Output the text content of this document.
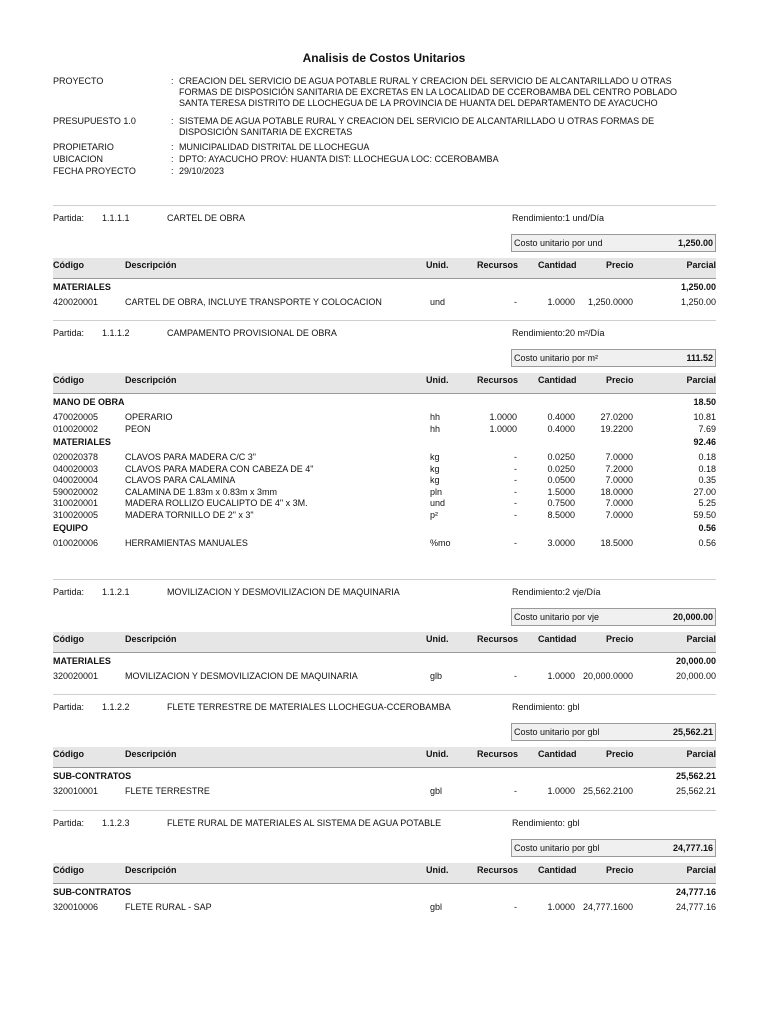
Analisis de Costos Unitarios
PROYECTO	: CREACION DEL SERVICIO DE AGUA POTABLE RURAL Y CREACION DEL SERVICIO DE ALCANTARILLADO U OTRAS
FORMAS DE DISPOSICIÓN SANITARIA DE EXCRETAS EN LA LOCALIDAD DE CCEROBAMBA DEL CENTRO POBLADO
SANTA TERESA DISTRITO DE LLOCHEGUA DE LA PROVINCIA DE HUANTA DEL DEPARTAMENTO DE AYACUCHO
PRESUPUESTO 1.0	: SISTEMA DE AGUA POTABLE RURAL Y CREACION DEL SERVICIO DE ALCANTARILLADO U OTRAS FORMAS DE
DISPOSICIÓN SANITARIA DE EXCRETAS
PROPIETARIO	: MUNICIPALIDAD DISTRITAL DE LLOCHEGUA
UBICACION	: DPTO: AYACUCHO PROV: HUANTA DIST: LLOCHEGUA LOC: CCEROBAMBA
FECHA PROYECTO	: 29/10/2023
Partida: 1.1.1.1	CARTEL DE OBRA	Rendimiento:1 und/Día
Costo unitario por und	1,250.00
Código	Descripción	Unid.	Recursos Cantidad	Precio	Parcial
MATERIALES	1,250.00
420020001	CARTEL DE OBRA, INCLUYE TRANSPORTE Y COLOCACION	und	-	1.0000 1,250.0000	1,250.00
Partida: 1.1.1.2	CAMPAMENTO PROVISIONAL DE OBRA	Rendimiento:20 m²/Día
Costo unitario por m²	111.52
Código	Descripción	Unid.	Recursos Cantidad	Precio	Parcial
MANO DE OBRA	18.50
470020005	OPERARIO	hh	1.0000	0.4000	27.0200	10.81
010020002	PEON	hh	1.0000	0.4000	19.2200	7.69
MATERIALES	92.46
020020378	CLAVOS PARA MADERA C/C 3"	kg	-	0.0250	7.0000	0.18
040020003	CLAVOS PARA MADERA CON CABEZA DE 4"	kg	-	0.0250	7.2000	0.18
040020004	CLAVOS PARA CALAMINA	kg	-	0.0500	7.0000	0.35
590020002	CALAMINA DE 1.83m x 0.83m x 3mm	pln	-	1.5000	18.0000	27.00
310020001	MADERA ROLLIZO EUCALIPTO DE 4" x 3M.	und	-	0.7500	7.0000	5.25
310020005	MADERA TORNILLO DE 2" x 3"	p²	-	8.5000	7.0000	59.50
EQUIPO	0.56
010020006	HERRAMIENTAS MANUALES	%mo	-	3.0000	18.5000	0.56
Partida: 1.1.2.1	MOVILIZACION Y DESMOVILIZACION DE MAQUINARIA	Rendimiento:2 vje/Día
Costo unitario por vje	20,000.00
Código	Descripción	Unid.	Recursos Cantidad	Precio	Parcial
MATERIALES	20,000.00
320020001	MOVILIZACION Y DESMOVILIZACION DE MAQUINARIA	glb	-	1.0000 20,000.0000	20,000.00
Partida: 1.1.2.2	FLETE TERRESTRE DE MATERIALES LLOCHEGUA-CCEROBAMBA	Rendimiento: gbl
Costo unitario por gbl	25,562.21
Código	Descripción	Unid.	Recursos Cantidad	Precio	Parcial
SUB-CONTRATOS	25,562.21
320010001	FLETE TERRESTRE	gbl	-	1.0000 25,562.2100	25,562.21
Partida: 1.1.2.3	FLETE RURAL DE MATERIALES AL SISTEMA DE AGUA POTABLE	Rendimiento: gbl
Costo unitario por gbl	24,777.16
Código	Descripción	Unid.	Recursos Cantidad	Precio	Parcial
SUB-CONTRATOS	24,777.16
320010006	FLETE RURAL - SAP	gbl	-	1.0000 24,777.1600	24,777.16
